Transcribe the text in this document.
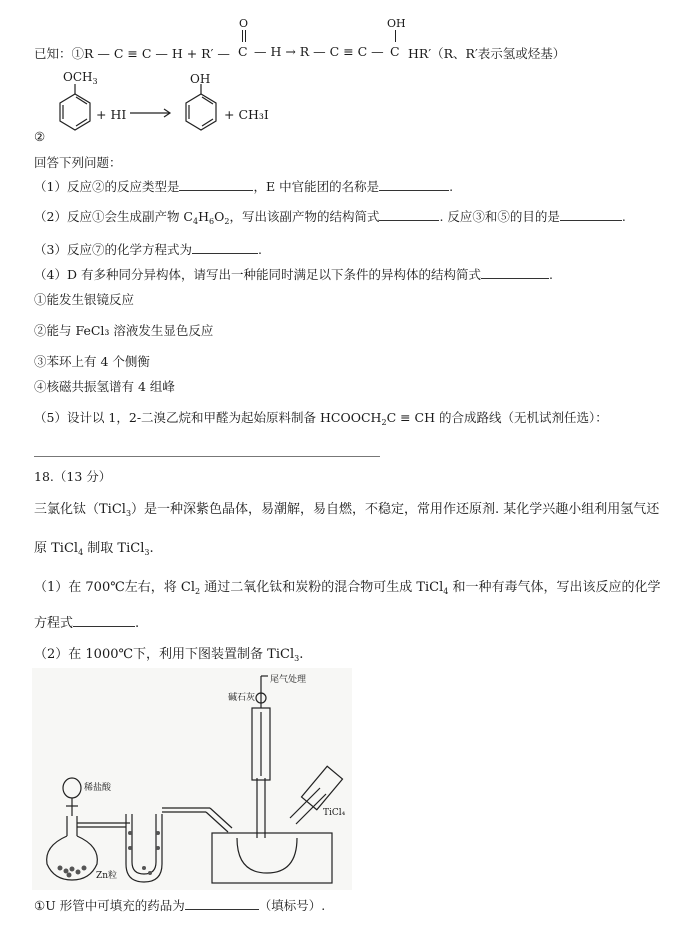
已知：①R — C ≡ C — H + R′ —
O
C — H → R — C ≡ C —
OH
C HR′（R、R′表示氢或烃基）
$OCH_3$
+ HI
OH
+ CH₃I
②
回答下列问题：
（1）反应②的反应类型是	，E 中官能团的名称是	.
（2）反应①会生成副产物 $C_4H_6O_2$，写出该副产物的结构简式	. 反应③和⑤的目的是	.
（3）反应⑦的化学方程式为	.
（4）D 有多种同分异构体，请写出一种能同时满足以下条件的异构体的结构简式	.
①能发生银镜反应
②能与 FeCl₃ 溶液发生显色反应
③苯环上有 4 个侧衡
④核磁共振氢谱有 4 组峰
（5）设计以 1，2-二溴乙烷和甲醛为起始原料制备 $HCOOCH_2C$ ≡ CH 的合成路线（无机试剂任选）：
18.（13 分）
三氯化钛（TiCl$_3$）是一种深紫色晶体，易潮解，易自燃，不稳定，常用作还原剂. 某化学兴趣小组利用氢气还
原 TiCl$_4$ 制取 TiCl$_3$.
（1）在 700℃左右，将 $Cl_2$ 通过二氧化钛和炭粉的混合物可生成 TiCl$_4$ 和一种有毒气体，写出该反应的化学
方程式	.
（2）在 1000℃下，利用下图装置制备 TiCl$_3$.
尾气处理
碱石灰
稀盐酸
Zn粒
TiCl₄
①U 形管中可填充的药品为	（填标号）.
